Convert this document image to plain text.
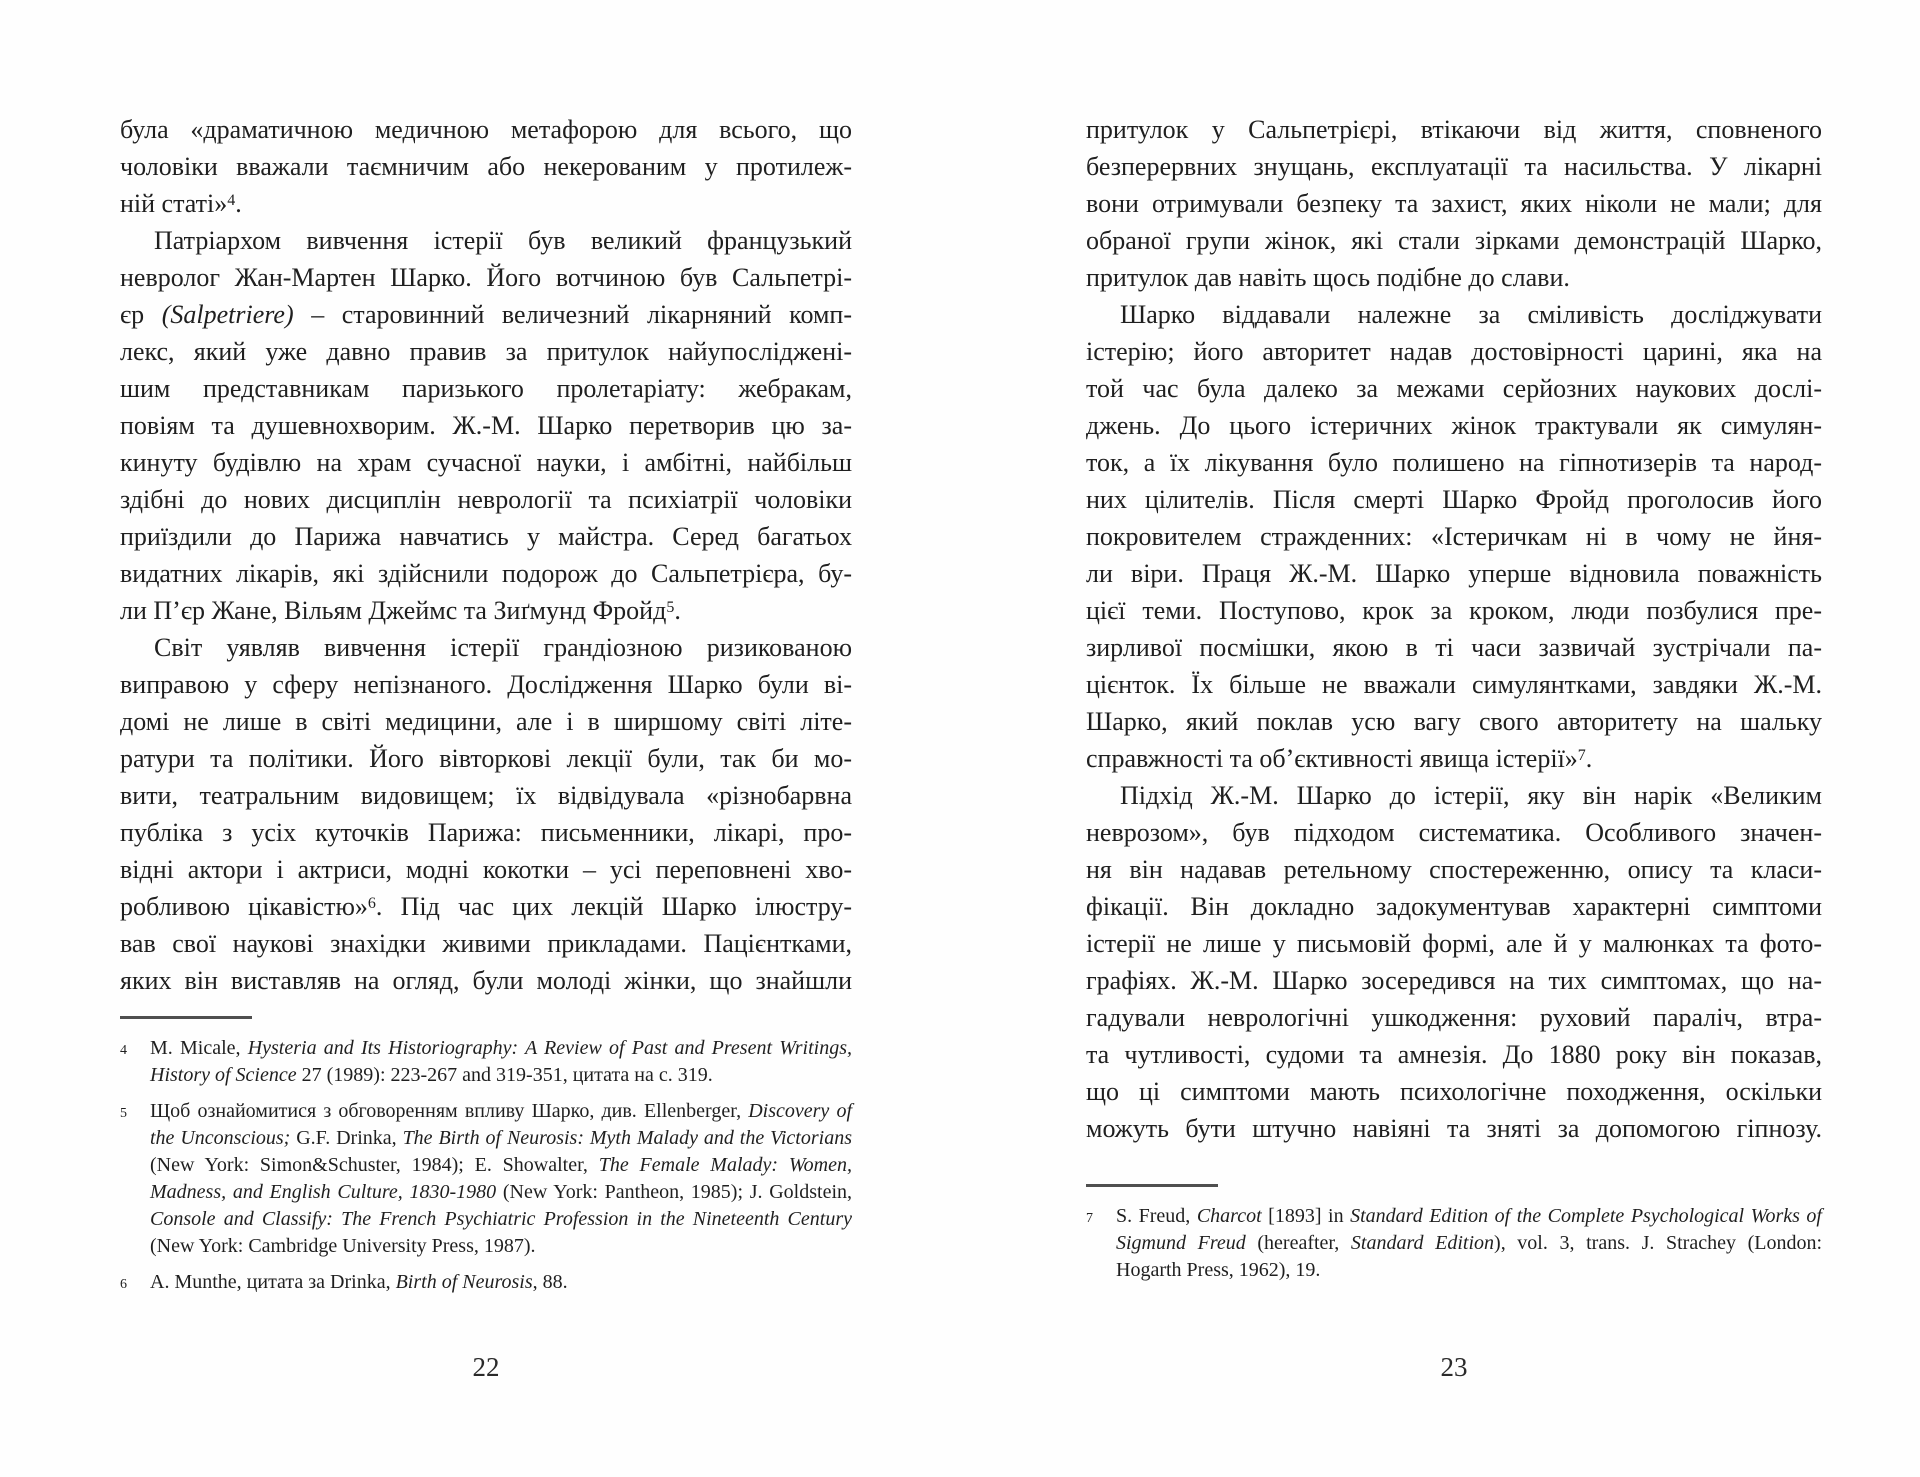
була «драматичною медичною метафорою для всього, що
чоловіки вважали таємничим або некерованим у протилеж-
ній статі»$^4$.
Патріархом вивчення істерії був великий французький
невролог Жан-Мартен Шарко. Його вотчиною був Сальпетрі-
єр (Salpetriere) – старовинний величезний лікарняний комп-
лекс, який уже давно правив за притулок найупосліджені-
шим представникам паризького пролетаріату: жебракам,
повіям та душевнохворим. Ж.-М. Шарко перетворив цю за-
кинуту будівлю на храм сучасної науки, і амбітні, найбільш
здібні до нових дисциплін неврології та психіатрії чоловіки
приїздили до Парижа навчатись у майстра. Серед багатьох
видатних лікарів, які здійснили подорож до Сальпетрієра, бу-
ли П’єр Жане, Вільям Джеймс та Зиґмунд Фройд$^5$.
Світ уявляв вивчення істерії грандіозною ризикованою
виправою у сферу непізнаного. Дослідження Шарко були ві-
домі не лише в світі медицини, але і в ширшому світі літе-
ратури та політики. Його вівторкові лекції були, так би мо-
вити, театральним видовищем; їх відвідувала «різнобарвна
публіка з усіх куточків Парижа: письменники, лікарі, про-
відні актори і актриси, модні кокотки – усі переповнені хво-
робливою цікавістю»$^6$. Під час цих лекцій Шарко ілюстру-
вав свої наукові знахідки живими прикладами. Пацієнтками,
яких він виставляв на огляд, були молоді жінки, що знайшли
4	M. Micale, Hysteria and Its Historiography: A Review of Past and Present Writings, History of Science 27 (1989): 223-267 and 319-351, цитата на с. 319.
5	Щоб ознайомитися з обговоренням впливу Шарко, див. Ellenberger, Discovery of the Unconscious; G.F. Drinka, The Birth of Neurosis: Myth Malady and the Victorians (New York: Simon&Schuster, 1984); E. Showalter, The Female Malady: Women, Madness, and English Culture, 1830-1980 (New York: Pantheon, 1985); J. Goldstein, Console and Classify: The French Psychiatric Profession in the Nineteenth Century (New York: Cambridge University Press, 1987).
6	A. Munthe, цитата за Drinka, Birth of Neurosis, 88.
22
притулок у Сальпетрієрі, втікаючи від життя, сповненого
безперервних знущань, експлуатації та насильства. У лікарні
вони отримували безпеку та захист, яких ніколи не мали; для
обраної групи жінок, які стали зірками демонстрацій Шарко,
притулок дав навіть щось подібне до слави.
Шарко віддавали належне за сміливість досліджувати
істерію; його авторитет надав достовірності царині, яка на
той час була далеко за межами серйозних наукових дослі-
джень. До цього істеричних жінок трактували як симулян-
ток, а їх лікування було полишено на гіпнотизерів та народ-
них цілителів. Після смерті Шарко Фройд проголосив його
покровителем стражденних: «Істеричкам ні в чому не йня-
ли віри. Праця Ж.-М. Шарко уперше відновила поважність
цієї теми. Поступово, крок за кроком, люди позбулися пре-
зирливої посмішки, якою в ті часи зазвичай зустрічали па-
цієнток. Їх більше не вважали симулянтками, завдяки Ж.-М.
Шарко, який поклав усю вагу свого авторитету на шальку
справжності та об’єктивності явища істерії»$^7$.
Підхід Ж.-М. Шарко до істерії, яку він нарік «Великим
неврозом», був підходом систематика. Особливого значен-
ня він надавав ретельному спостереженню, опису та класи-
фікації. Він докладно задокументував характерні симптоми
істерії не лише у письмовій формі, але й у малюнках та фото-
графіях. Ж.-М. Шарко зосередився на тих симптомах, що на-
гадували неврологічні ушкодження: руховий параліч, втра-
та чутливості, судоми та амнезія. До 1880 року він показав,
що ці симптоми мають психологічне походження, оскільки
можуть бути штучно навіяні та зняті за допомогою гіпнозу.
7	S. Freud, Charcot [1893] in Standard Edition of the Complete Psychological Works of Sigmund Freud (hereafter, Standard Edition), vol. 3, trans. J. Strachey (London: Hogarth Press, 1962), 19.
23
